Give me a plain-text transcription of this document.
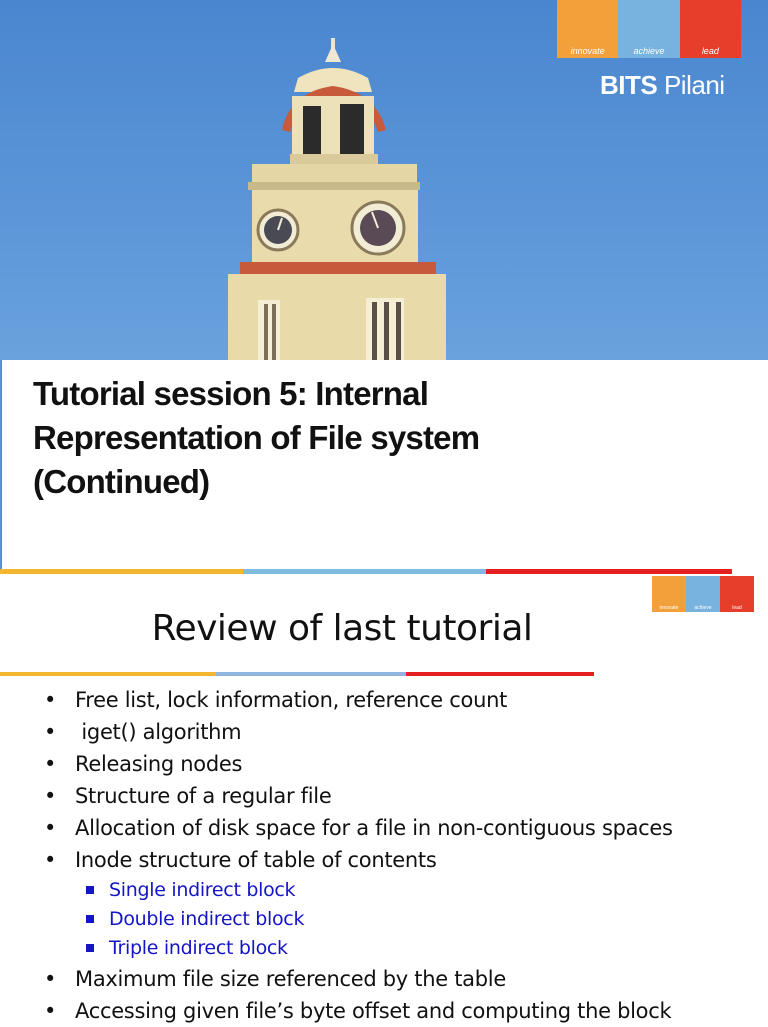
innovate	achieve	lead
BITS Pilani
Tutorial session 5: Internal
Representation of File system
(Continued)
innovate	achieve	lead
Review of last tutorial
• Free list, lock information, reference count
• iget() algorithm
• Releasing nodes
• Structure of a regular file
• Allocation of disk space for a file in non-contiguous spaces
• Inode structure of table of contents
Single indirect block
Double indirect block
Triple indirect block
• Maximum file size referenced by the table
• Accessing given file’s byte offset and computing the block
